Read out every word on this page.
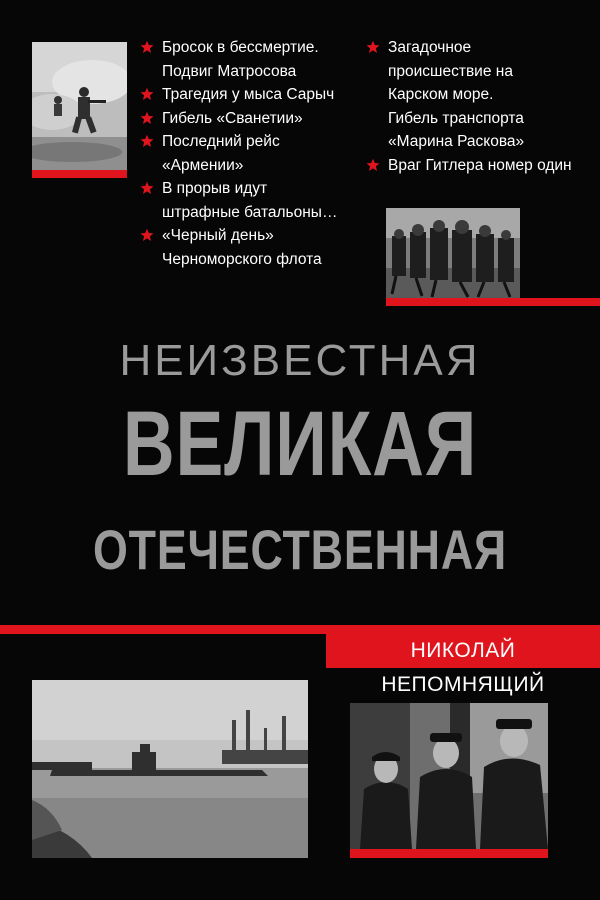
Бросок в бессмертие.
Подвиг Матросова
Трагедия у мыса Сарыч
Гибель «Сванетии»
Последний рейс
«Армении»
В прорыв идут
штрафные батальоны…
«Черный день»
Черноморского флота
Загадочное
происшествие на
Карском море.
Гибель транспорта
«Марина Раскова»
Враг Гитлера номер один
НЕИЗВЕСТНАЯ
ВЕЛИКАЯ
ОТЕЧЕСТВЕННАЯ
НИКОЛАЙ НЕПОМНЯЩИЙ
